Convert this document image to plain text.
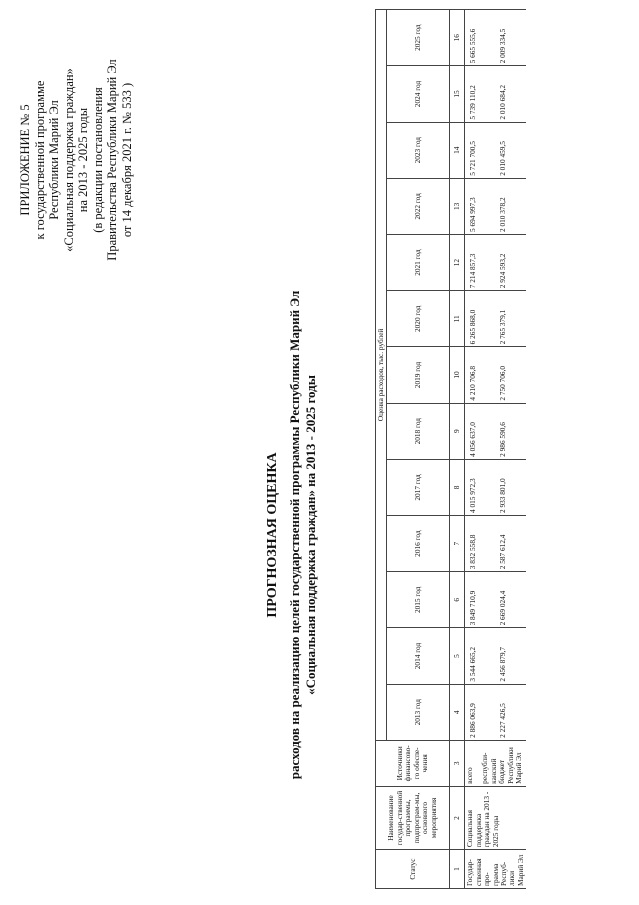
ПРИЛОЖЕНИЕ № 5 к государственной программе Республики Марий Эл «Социальная поддержка граждан» на 2013 - 2025 годы (в редакции постановления Правительства Республики Марий Эл от 14 декабря 2021 г. № 533 )
ПРОГНОЗНАЯ ОЦЕНКА расходов на реализацию целей государственной программы Республики Марий Эл «Социальная поддержка граждан» на 2013 - 2025 годы
Статус	Наименование государ-ственной программы, подпрограм-мы, основного мероприятия	Источники финансово-го обеспе-чения	Оценка расходов, тыс. рублей												
			2013 год	2014 год	2015 год	2016 год	2017 год	2018 год	2019 год	2020 год	2021 год	2022 год	2023 год	2024 год	2025 год
1	2	3	4	5	6	7	8	9	10	11	12	13	14	15	16
Государ-ственная про-грамма Респуб-лики Марий Эл	Социальная поддержка граждан на 2013 - 2025 годы	всего	2 886 063,9	3 544 665,2	3 849 710,9	3 832 558,8	4 015 972,3	4 056 637,0	4 210 706,8	6 265 868,0	7 214 857,3	5 694 997,3	5 721 700,5	5 739 110,2	5 665 555,6
		республи-канский бюджет Республики Марий Эл	2 227 426,5	2 456 879,7	2 669 024,4	2 587 612,4	2 933 801,0	2 986 590,6	2 750 706,0	2 765 379,1	2 924 593,2	2 010 378,2	2 010 459,5	2 010 684,2	2 009 334,5
